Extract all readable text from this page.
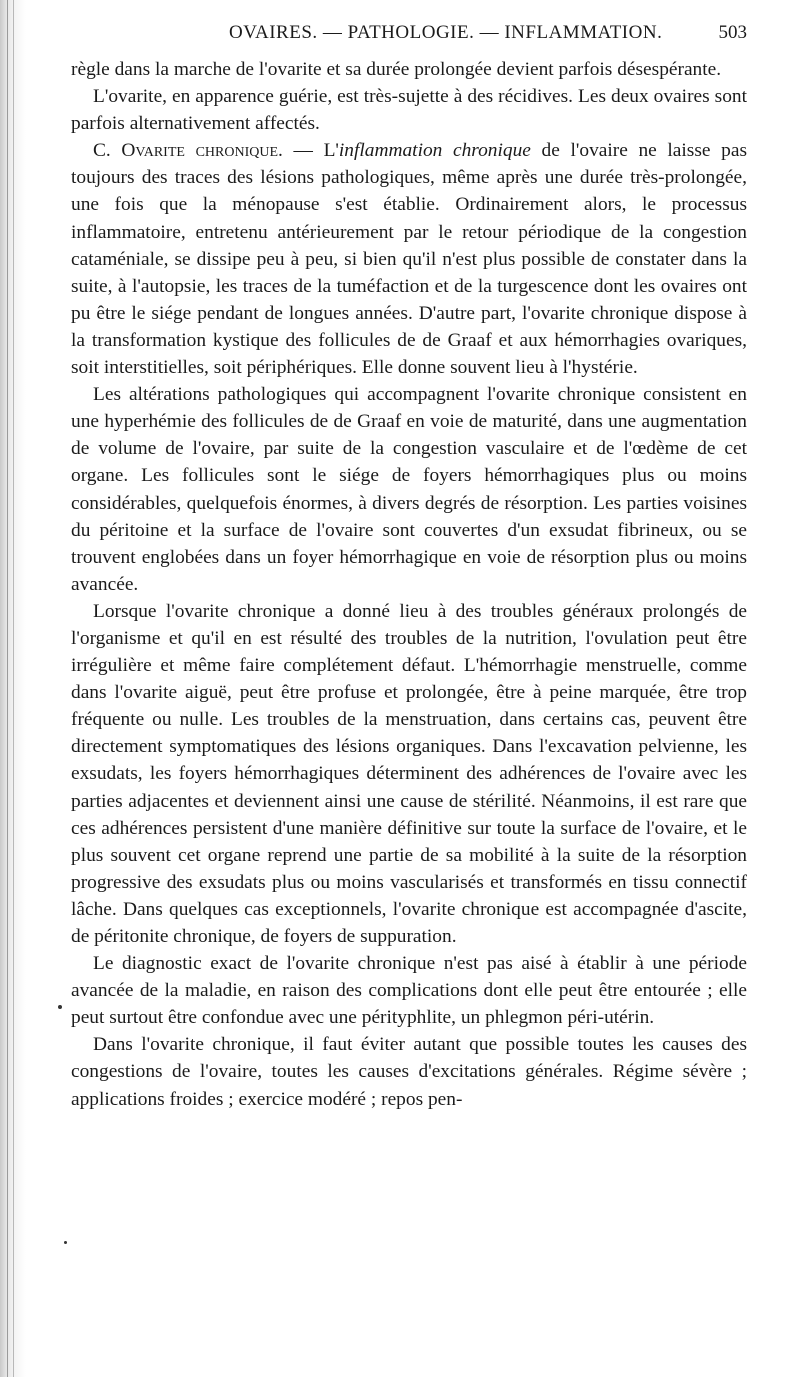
OVAIRES. — PATHOLOGIE. — INFLAMMATION.	503

règle dans la marche de l'ovarite et sa durée prolongée devient parfois désespérante.

L'ovarite, en apparence guérie, est très-sujette à des récidives. Les deux ovaires sont parfois alternativement affectés.

C. Ovarite chronique. — L'inflammation chronique de l'ovaire ne laisse pas toujours des traces des lésions pathologiques, même après une durée très-prolongée, une fois que la ménopause s'est établie. Ordinairement alors, le processus inflammatoire, entretenu antérieurement par le retour périodique de la congestion cataméniale, se dissipe peu à peu, si bien qu'il n'est plus possible de constater dans la suite, à l'autopsie, les traces de la tuméfaction et de la turgescence dont les ovaires ont pu être le siége pendant de longues années. D'autre part, l'ovarite chronique dispose à la transformation kystique des follicules de de Graaf et aux hémorrhagies ovariques, soit interstitielles, soit périphériques. Elle donne souvent lieu à l'hystérie.

Les altérations pathologiques qui accompagnent l'ovarite chronique consistent en une hyperhémie des follicules de de Graaf en voie de maturité, dans une augmentation de volume de l'ovaire, par suite de la congestion vasculaire et de l'œdème de cet organe. Les follicules sont le siége de foyers hémorrhagiques plus ou moins considérables, quelquefois énormes, à divers degrés de résorption. Les parties voisines du péritoine et la surface de l'ovaire sont couvertes d'un exsudat fibrineux, ou se trouvent englobées dans un foyer hémorrhagique en voie de résorption plus ou moins avancée.

Lorsque l'ovarite chronique a donné lieu à des troubles généraux prolongés de l'organisme et qu'il en est résulté des troubles de la nutrition, l'ovulation peut être irrégulière et même faire complétement défaut. L'hémorrhagie menstruelle, comme dans l'ovarite aiguë, peut être profuse et prolongée, être à peine marquée, être trop fréquente ou nulle. Les troubles de la menstruation, dans certains cas, peuvent être directement symptomatiques des lésions organiques. Dans l'excavation pelvienne, les exsudats, les foyers hémorrhagiques déterminent des adhérences de l'ovaire avec les parties adjacentes et deviennent ainsi une cause de stérilité. Néanmoins, il est rare que ces adhérences persistent d'une manière définitive sur toute la surface de l'ovaire, et le plus souvent cet organe reprend une partie de sa mobilité à la suite de la résorption progressive des exsudats plus ou moins vascularisés et transformés en tissu connectif lâche. Dans quelques cas exceptionnels, l'ovarite chronique est accompagnée d'ascite, de péritonite chronique, de foyers de suppuration.

Le diagnostic exact de l'ovarite chronique n'est pas aisé à établir à une période avancée de la maladie, en raison des complications dont elle peut être entourée ; elle peut surtout être confondue avec une pérityphlite, un phlegmon péri-utérin.

Dans l'ovarite chronique, il faut éviter autant que possible toutes les causes des congestions de l'ovaire, toutes les causes d'excitations générales. Régime sévère ; applications froides ; exercice modéré ; repos pen-
